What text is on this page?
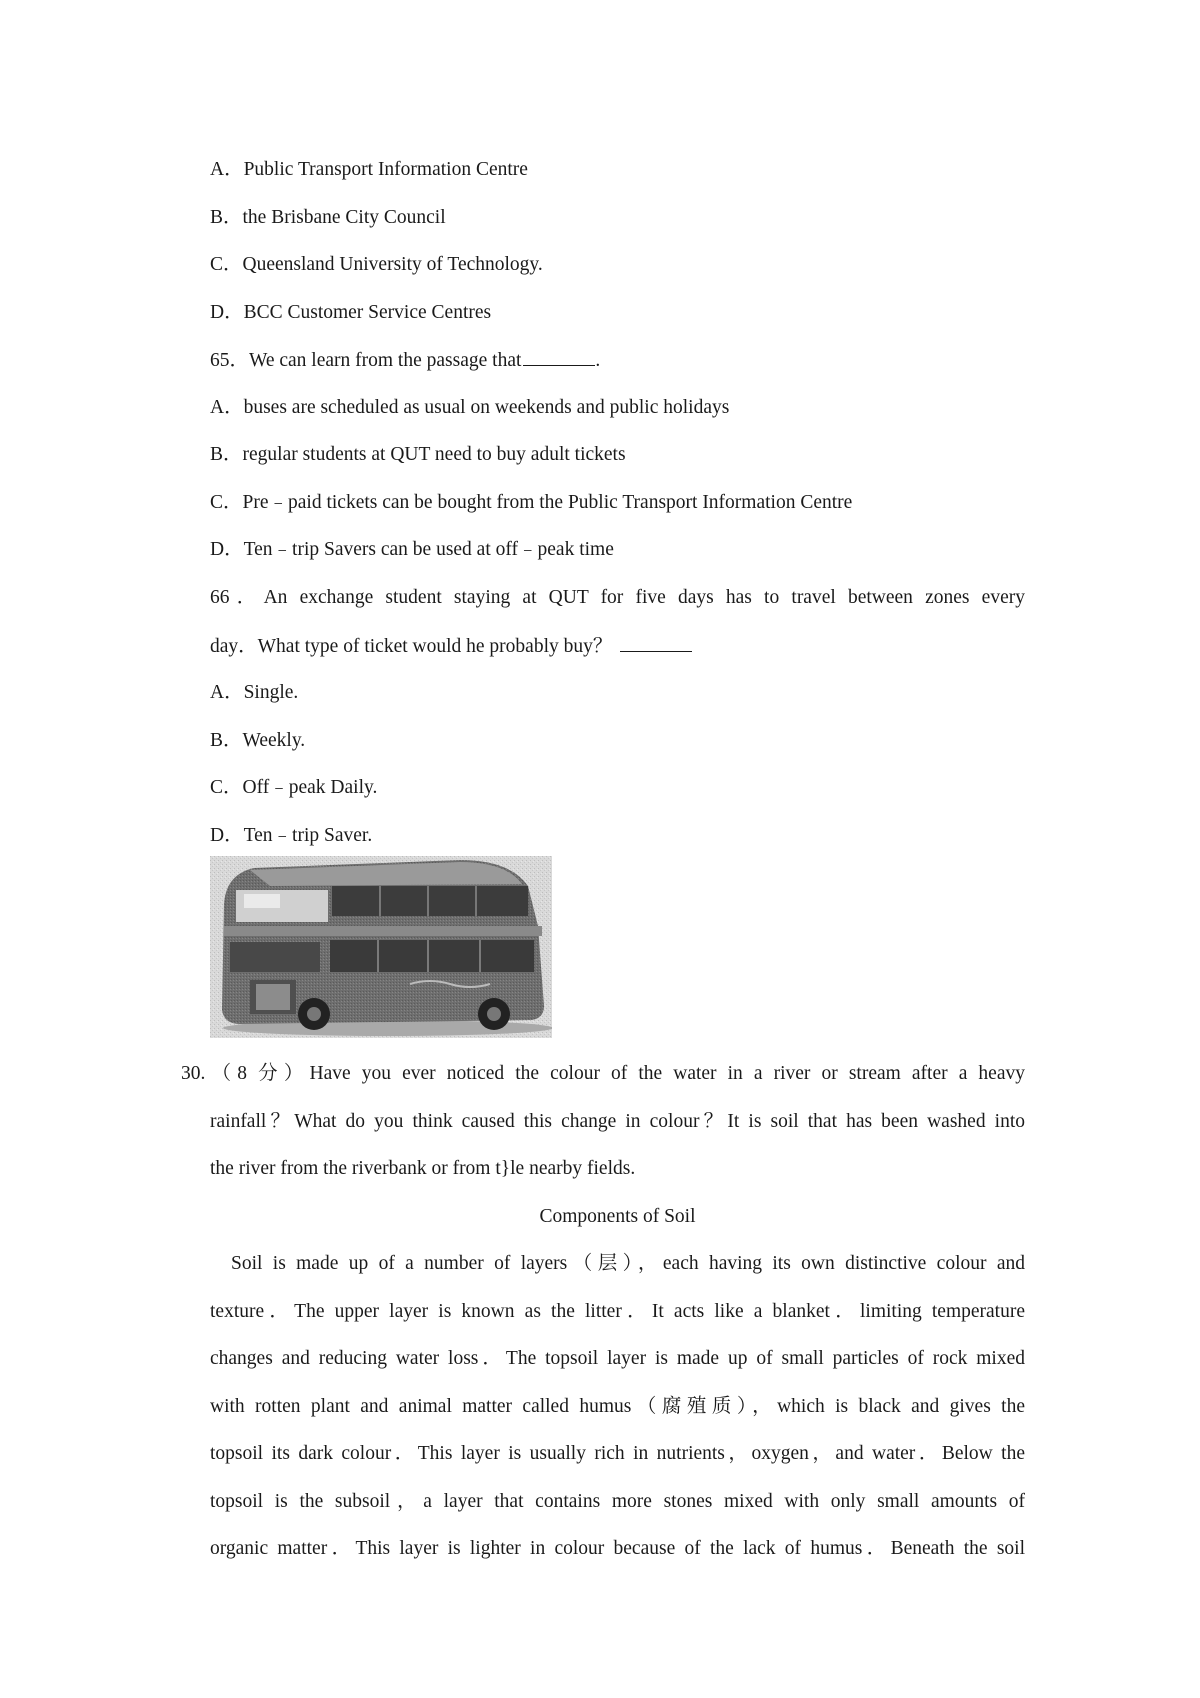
A．Public Transport Information Centre
B．the Brisbane City Council
C．Queensland University of Technology.
D．BCC Customer Service Centres
65．We can learn from the passage that	.
A．buses are scheduled as usual on weekends and public holidays
B．regular students at QUT need to buy adult tickets
C．Pre﹣paid tickets can be bought from the Public Transport Information Centre
D．Ten﹣trip Savers can be used at off﹣peak time
66．An exchange student staying at QUT for five days has to travel between zones every
day．What type of ticket would he probably buy？
A．Single.
B．Weekly.
C．Off﹣peak Daily.
D．Ten﹣trip Saver.
30.（8 分）Have you ever noticed the colour of the water in a river or stream after a heavy
rainfall？What do you think caused this change in colour？It is soil that has been washed into
the river from the riverbank or from t}le nearby fields.
Components of Soil
Soil is made up of a number of layers（层），each having its own distinctive colour and
texture．The upper layer is known as the litter．It acts like a blanket．limiting temperature
changes and reducing water loss．The topsoil layer is made up of small particles of rock mixed
with rotten plant and animal matter called humus（腐殖质），which is black and gives the
topsoil its dark colour．This layer is usually rich in nutrients，oxygen，and water．Below the
topsoil is the subsoil，a layer that contains more stones mixed with only small amounts of
organic matter．This layer is lighter in colour because of the lack of humus．Beneath the soil
